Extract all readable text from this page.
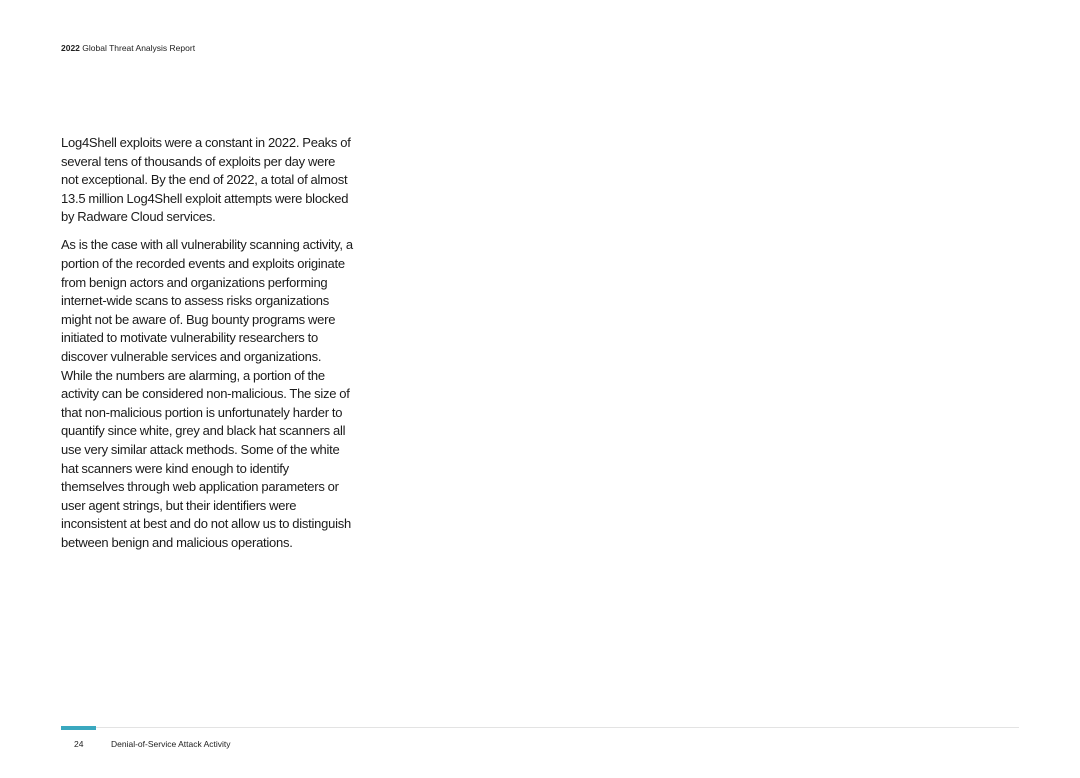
2022 Global Threat Analysis Report

Log4Shell exploits were a constant in 2022. Peaks of several tens of thousands of exploits per day were not exceptional. By the end of 2022, a total of almost 13.5 million Log4Shell exploit attempts were blocked by Radware Cloud services.

As is the case with all vulnerability scanning activity, a portion of the recorded events and exploits originate from benign actors and organizations performing internet-wide scans to assess risks organizations might not be aware of. Bug bounty programs were initiated to motivate vulnerability researchers to discover vulnerable services and organizations. While the numbers are alarming, a portion of the activity can be considered non-malicious. The size of that non-malicious portion is unfortunately harder to quantify since white, grey and black hat scanners all use very similar attack methods. Some of the white hat scanners were kind enough to identify themselves through web application parameters or user agent strings, but their identifiers were inconsistent at best and do not allow us to distinguish between benign and malicious operations.

24	Denial-of-Service Attack Activity
